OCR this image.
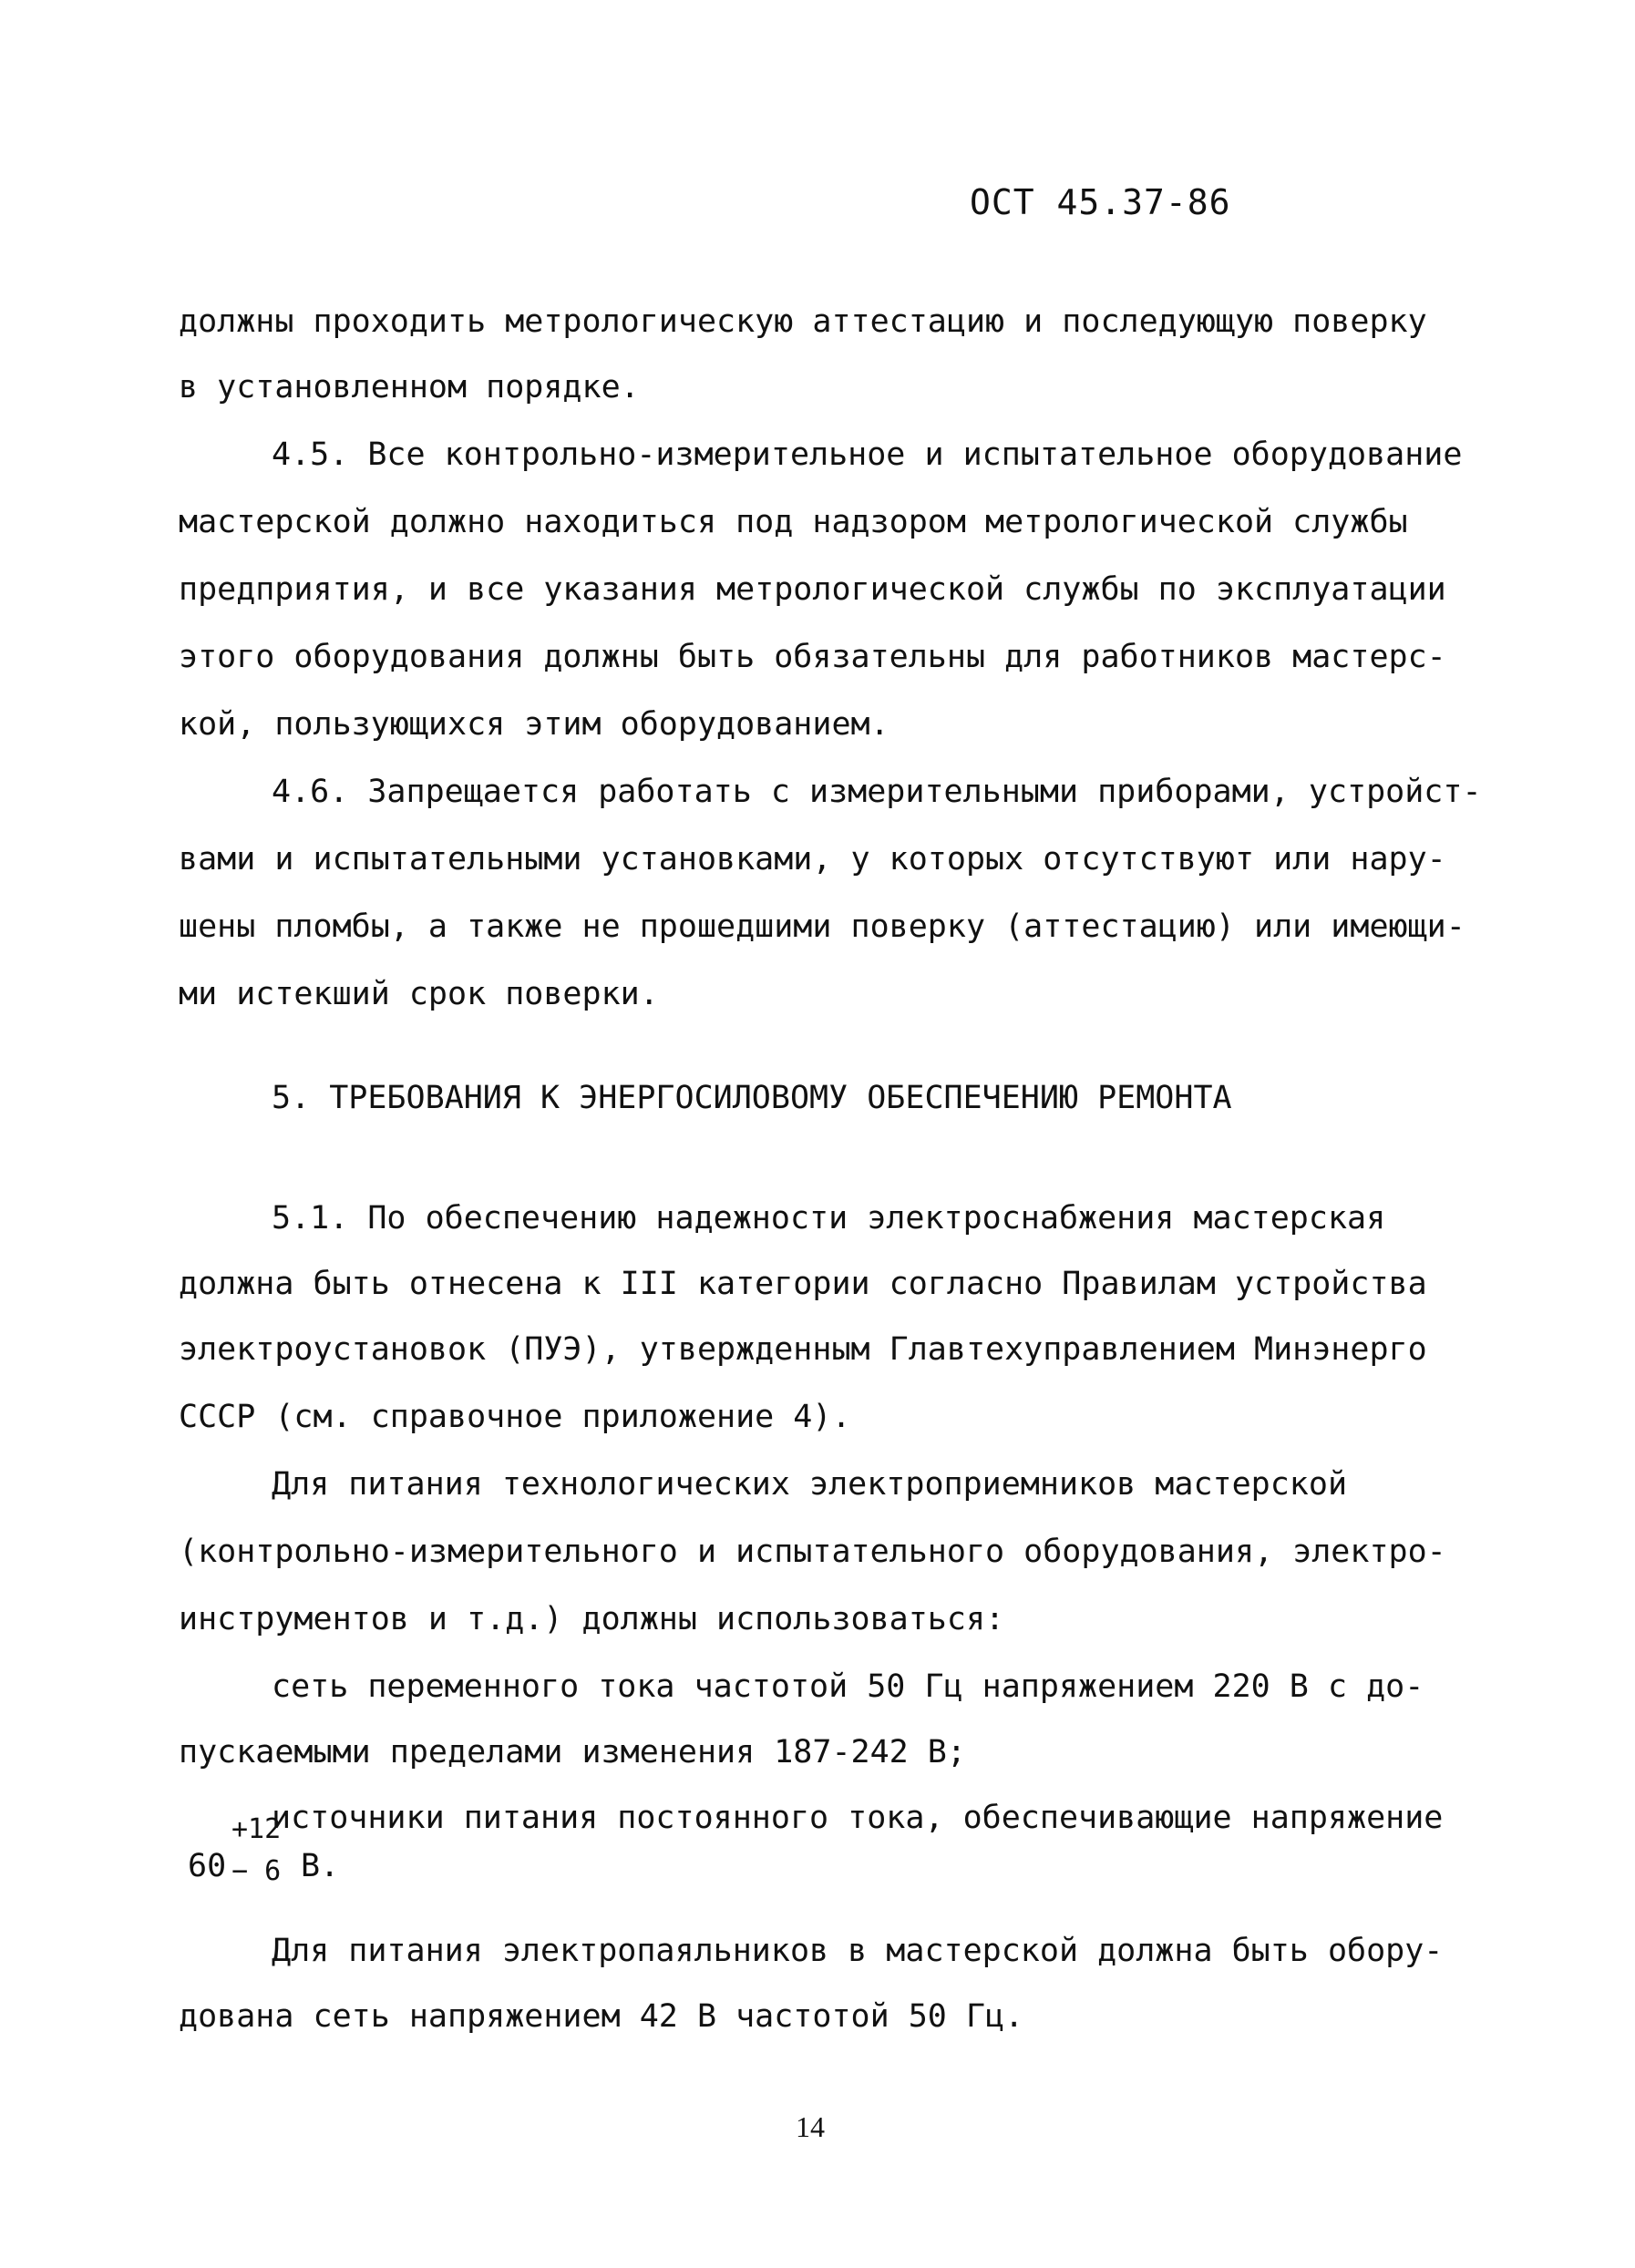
ОСТ 45.37-86
должны проходить метрологическую аттестацию и последующую поверку
в установленном порядке.
4.5. Все контрольно-измерительное и испытательное оборудование
мастерской должно находиться под надзором метрологической службы
предприятия, и все указания метрологической службы по эксплуатации
этого оборудования должны быть обязательны для работников мастерс-
кой, пользующихся этим оборудованием.
4.6. Запрещается работать с измерительными приборами, устройст-
вами и испытательными установками, у которых отсутствуют или нару-
шены пломбы, а также не прошедшими поверку (аттестацию) или имеющи-
ми истекший срок поверки.
5. ТРЕБОВАНИЯ К ЭНЕРГОСИЛОВОМУ ОБЕСПЕЧЕНИЮ РЕМОНТА
5.1. По обеспечению надежности электроснабжения мастерская
должна быть отнесена к III категории согласно Правилам устройства
электроустановок (ПУЭ), утвержденным Главтехуправлением Минэнерго
СССР (см. справочное приложение 4).
Для питания технологических электроприемников мастерской
(контрольно-измерительного и испытательного оборудования, электро-
инструментов и т.д.) должны использоваться:
сеть переменного тока частотой 50 Гц напряжением 220 В с до-
пускаемыми пределами изменения 187-242 В;
источники питания постоянного тока, обеспечивающие напряжение
60
+12
− 6 В.
Для питания электропаяльников в мастерской должна быть обору-
дована сеть напряжением 42 В частотой 50 Гц.
14
